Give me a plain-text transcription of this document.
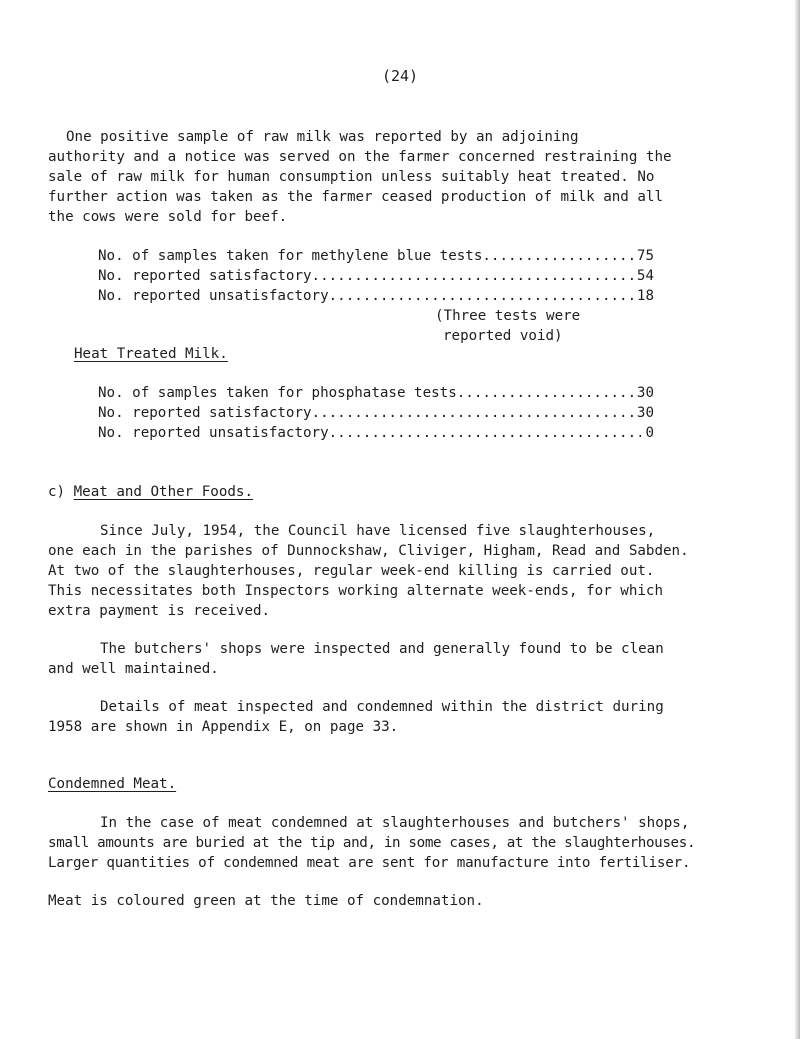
(24)
One positive sample of raw milk was reported by an adjoining
authority and a notice was served on the farmer concerned restraining the
sale of raw milk for human consumption unless suitably heat treated. No
further action was taken as the farmer ceased production of milk and all
the cows were sold for beef.
No. of samples taken for methylene blue tests .....	75
No. reported satisfactory .....	54
No. reported unsatisfactory .....	18
(Three tests were
reported void)
Heat Treated Milk.
No. of samples taken for phosphatase tests .....	30
No. reported satisfactory .....	30
No. reported unsatisfactory .....	0
c) Meat and Other Foods.
Since July, 1954, the Council have licensed five slaughterhouses,
one each in the parishes of Dunnockshaw, Cliviger, Higham, Read and Sabden.
At two of the slaughterhouses, regular week-end killing is carried out.
This necessitates both Inspectors working alternate week-ends, for which
extra payment is received.
The butchers' shops were inspected and generally found to be clean
and well maintained.
Details of meat inspected and condemned within the district during
1958 are shown in Appendix E, on page 33.
Condemned Meat.
In the case of meat condemned at slaughterhouses and butchers' shops,
small amounts are buried at the tip and, in some cases, at the slaughterhouses.
Larger quantities of condemned meat are sent for manufacture into fertiliser.
Meat is coloured green at the time of condemnation.
